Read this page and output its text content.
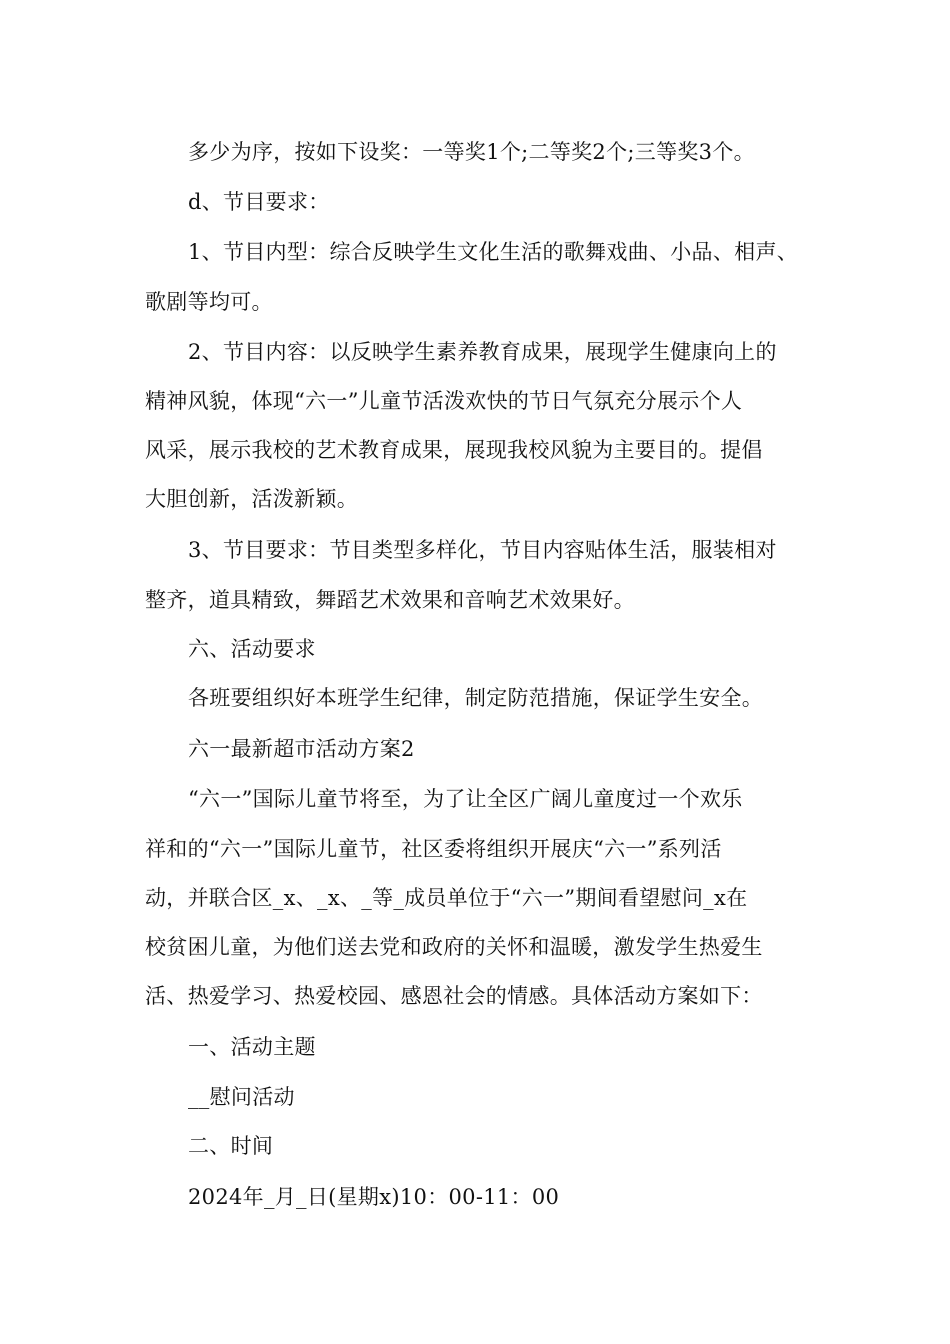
多少为序，按如下设奖：一等奖1个;二等奖2个;三等奖3个。
d、节目要求：
1、节目内型：综合反映学生文化生活的歌舞戏曲、小品、相声、
歌剧等均可。
2、节目内容：以反映学生素养教育成果，展现学生健康向上的
精神风貌，体现“六一”儿童节活泼欢快的节日气氛充分展示个人
风采，展示我校的艺术教育成果，展现我校风貌为主要目的。提倡
大胆创新，活泼新颖。
3、节目要求：节目类型多样化，节目内容贴体生活，服装相对
整齐，道具精致，舞蹈艺术效果和音响艺术效果好。
六、活动要求
各班要组织好本班学生纪律，制定防范措施，保证学生安全。
六一最新超市活动方案2
“六一”国际儿童节将至，为了让全区广阔儿童度过一个欢乐
祥和的“六一”国际儿童节，社区委将组织开展庆“六一”系列活
动，并联合区_x、_x、_等_成员单位于“六一”期间看望慰问_x在
校贫困儿童，为他们送去党和政府的关怀和温暖，激发学生热爱生
活、热爱学习、热爱校园、感恩社会的情感。具体活动方案如下：
一、活动主题
__慰问活动
二、时间
2024年_月_日(星期x)10：00-11：00
